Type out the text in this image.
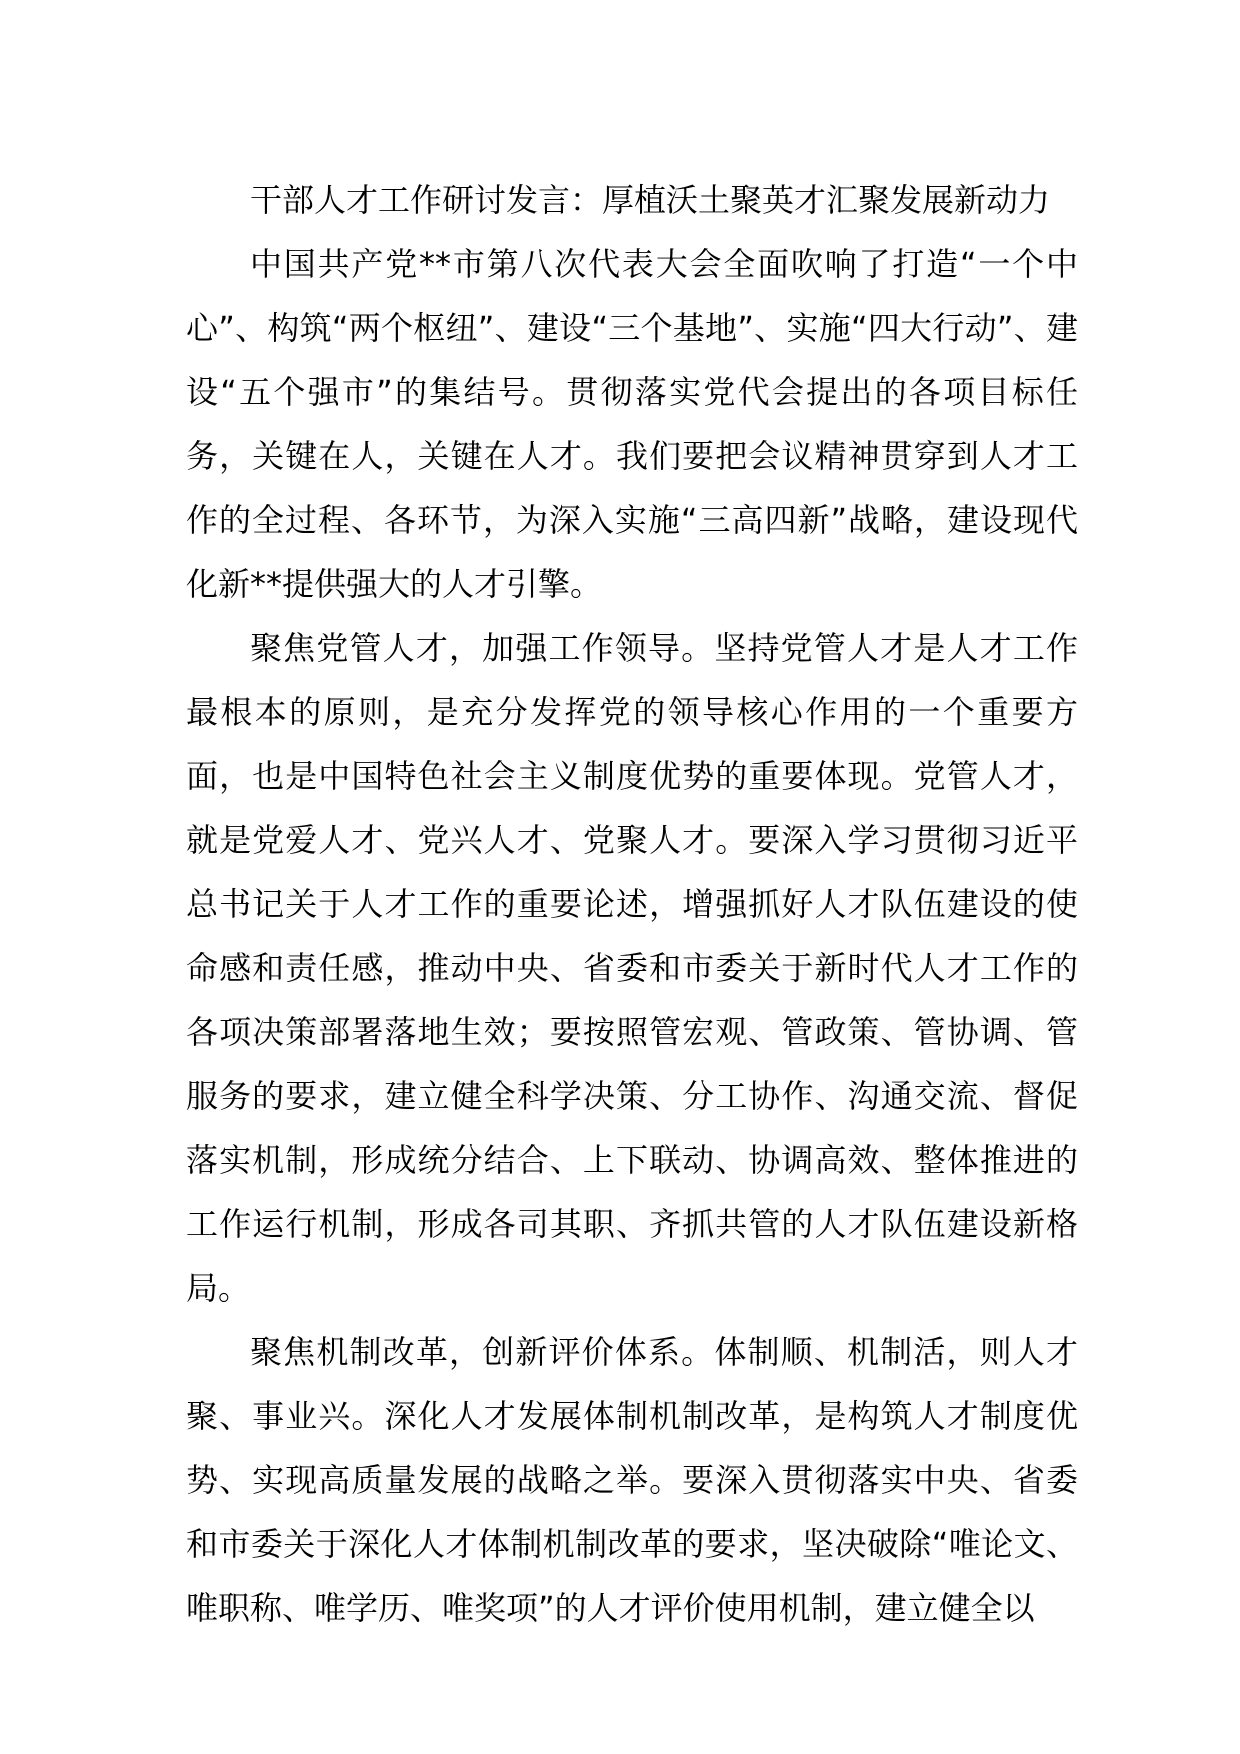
干部人才工作研讨发言：厚植沃土聚英才汇聚发展新动力

中国共产党**市第八次代表大会全面吹响了打造“一个中心”、构筑“两个枢纽”、建设“三个基地”、实施“四大行动”、建设“五个强市”的集结号。贯彻落实党代会提出的各项目标任务，关键在人，关键在人才。我们要把会议精神贯穿到人才工作的全过程、各环节，为深入实施“三高四新”战略，建设现代化新**提供强大的人才引擎。

聚焦党管人才，加强工作领导。坚持党管人才是人才工作最根本的原则，是充分发挥党的领导核心作用的一个重要方面，也是中国特色社会主义制度优势的重要体现。党管人才，就是党爱人才、党兴人才、党聚人才。要深入学习贯彻习近平总书记关于人才工作的重要论述，增强抓好人才队伍建设的使命感和责任感，推动中央、省委和市委关于新时代人才工作的各项决策部署落地生效；要按照管宏观、管政策、管协调、管服务的要求，建立健全科学决策、分工协作、沟通交流、督促落实机制，形成统分结合、上下联动、协调高效、整体推进的工作运行机制，形成各司其职、齐抓共管的人才队伍建设新格局。

聚焦机制改革，创新评价体系。体制顺、机制活，则人才聚、事业兴。深化人才发展体制机制改革，是构筑人才制度优势、实现高质量发展的战略之举。要深入贯彻落实中央、省委和市委关于深化人才体制机制改革的要求，坚决破除“唯论文、唯职称、唯学历、唯奖项”的人才评价使用机制，建立健全以
